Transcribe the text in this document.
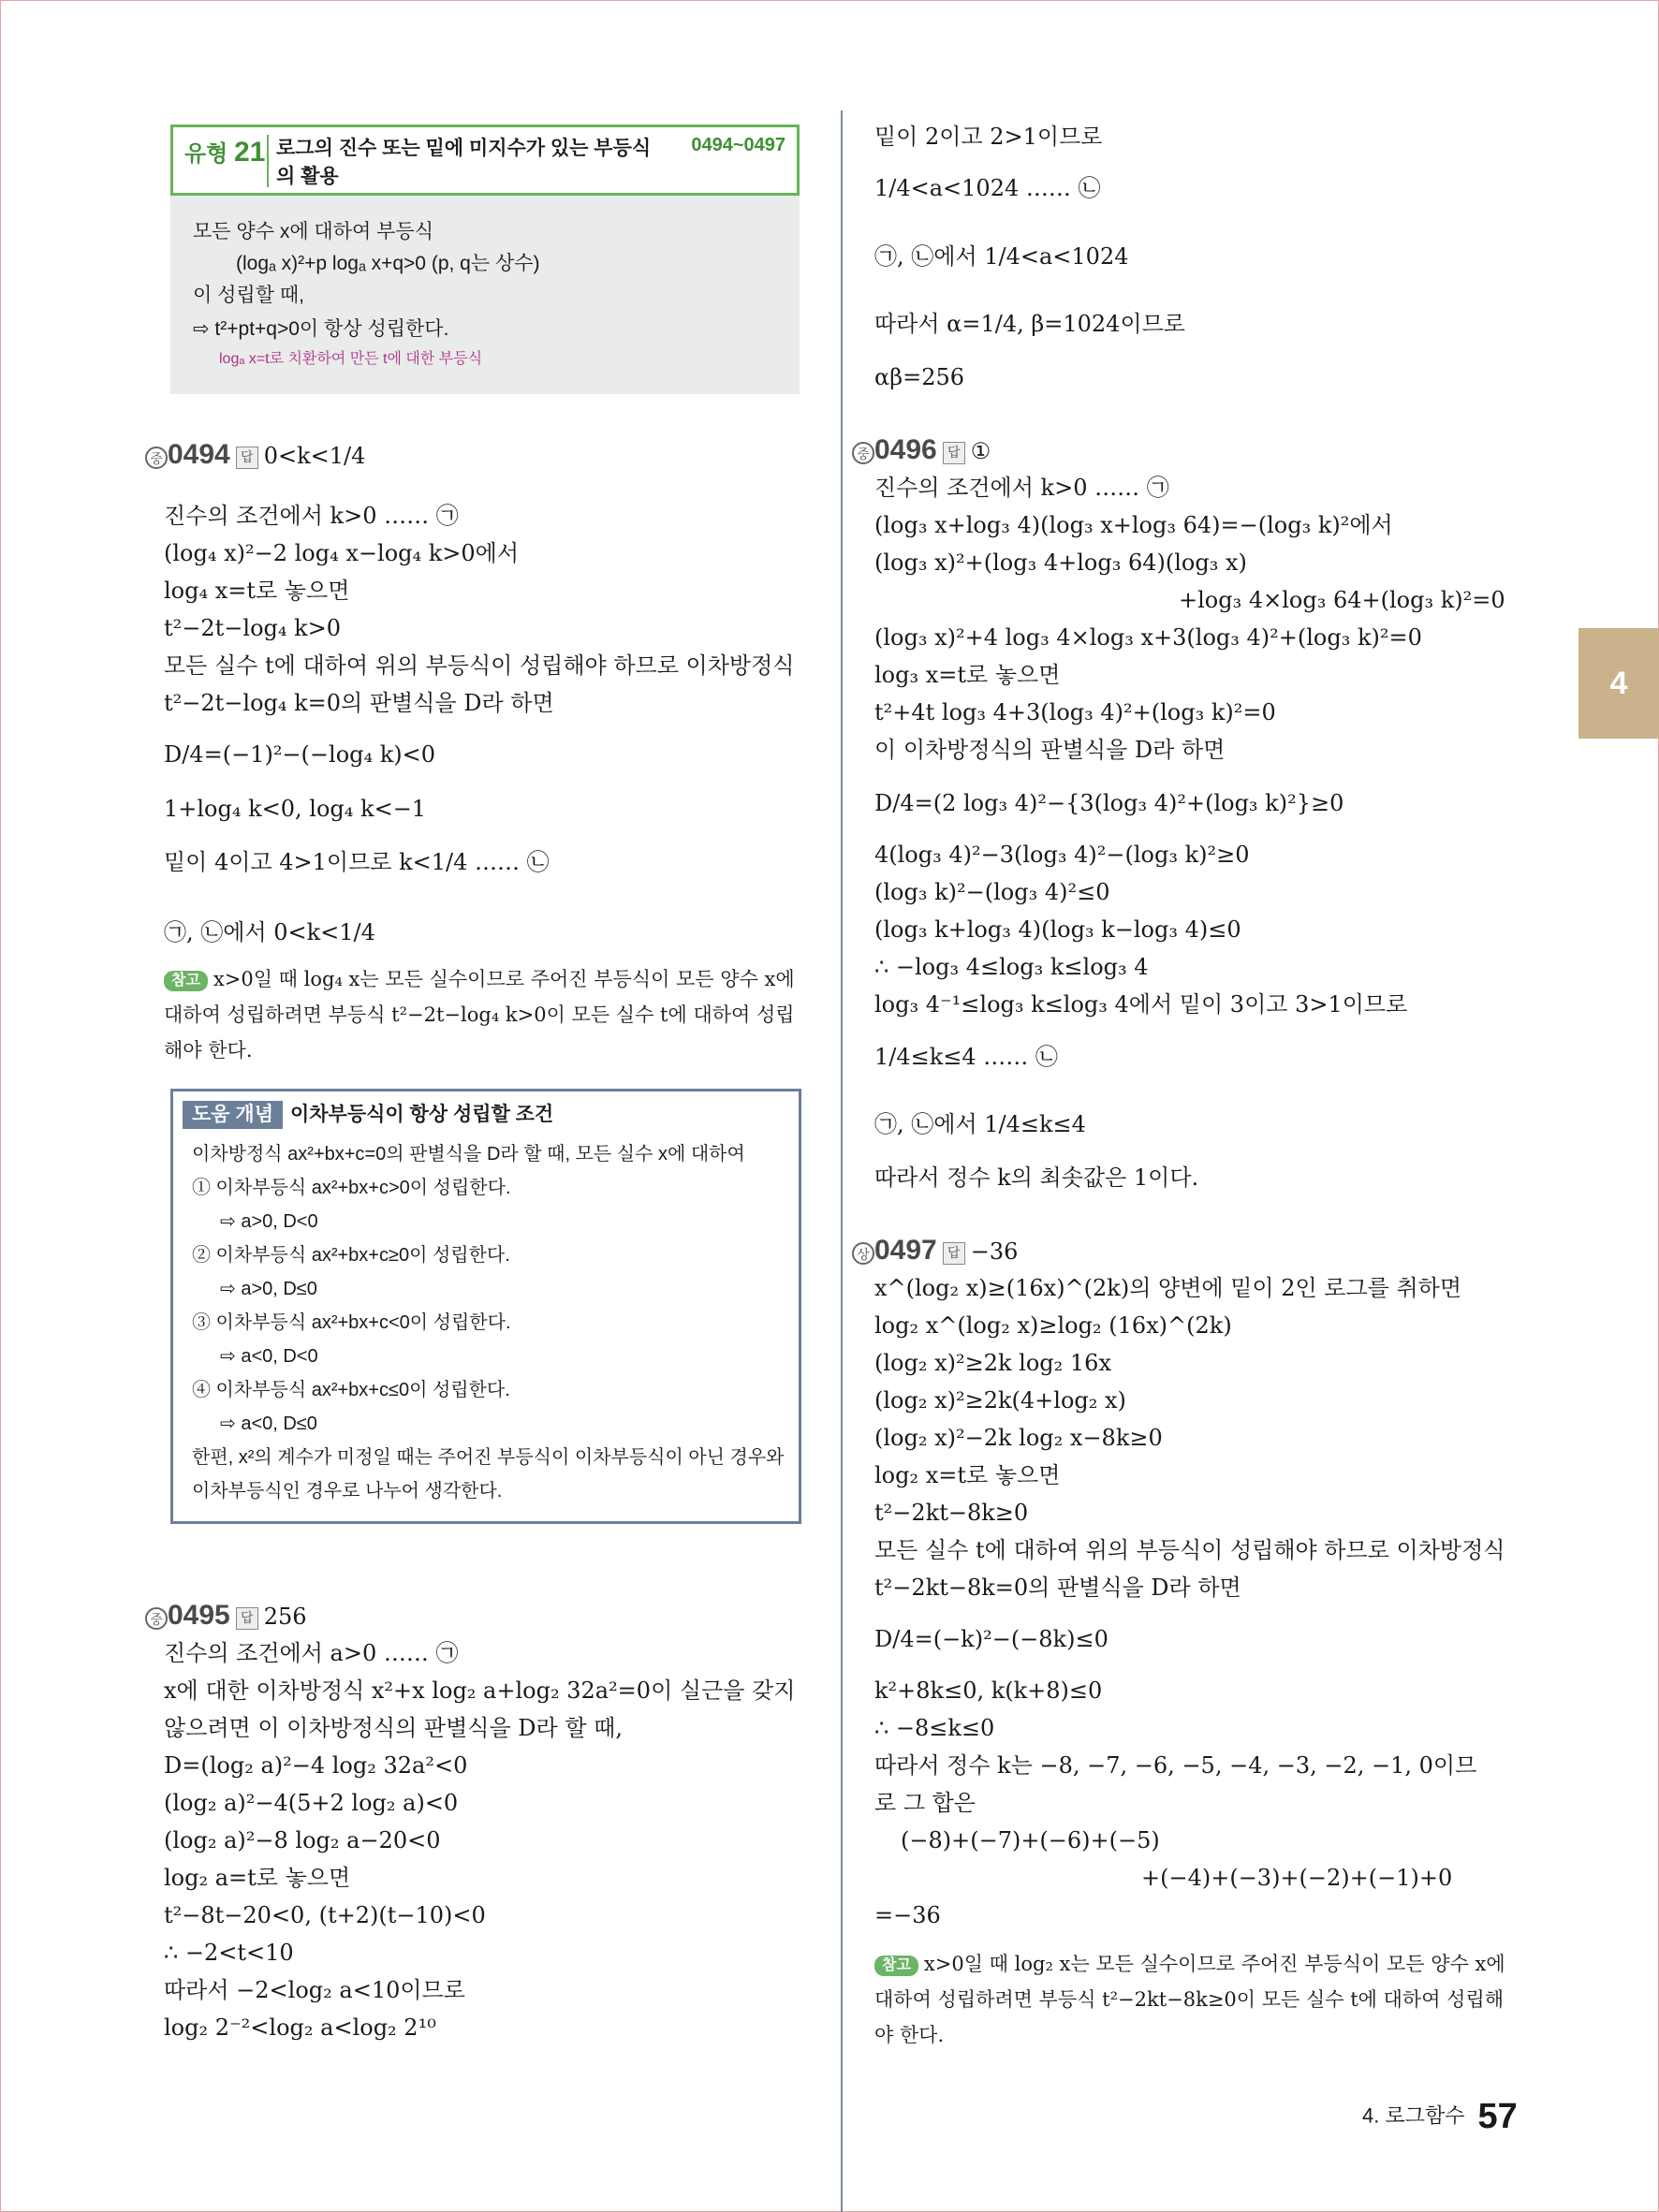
유형 21 로그의 진수 또는 밑에 미지수가 있는 부등식의 활용
0494~0497
모든 양수 x에 대하여 부등식
(logₐ x)²+p logₐ x+q>0 (p, q는 상수)
이 성립할 때,
⇨ t²+pt+q>0이 항상 성립한다.
logₐ x=t로 치환하여 만든 t에 대한 부등식
중 0494 답 0<k<1/4
진수의 조건에서 k>0 …… ㉠
(log₄ x)²−2 log₄ x−log₄ k>0에서
log₄ x=t로 놓으면
t²−2t−log₄ k>0
모든 실수 t에 대하여 위의 부등식이 성립해야 하므로 이차방정식
t²−2t−log₄ k=0의 판별식을 D라 하면
D/4=(−1)²−(−log₄ k)<0
1+log₄ k<0, log₄ k<−1
밑이 4이고 4>1이므로 k<1/4 …… ㉡
㉠, ㉡에서 0<k<1/4
참고 x>0일 때 log₄ x는 모든 실수이므로 주어진 부등식이 모든 양수 x에
대하여 성립하려면 부등식 t²−2t−log₄ k>0이 모든 실수 t에 대하여 성립
해야 한다.
중 0495 답 256
진수의 조건에서 a>0 …… ㉠
x에 대한 이차방정식 x²+x log₂ a+log₂ 32a²=0이 실근을 갖지
않으려면 이 이차방정식의 판별식을 D라 할 때,
D=(log₂ a)²−4 log₂ 32a²<0
(log₂ a)²−4(5+2 log₂ a)<0
(log₂ a)²−8 log₂ a−20<0
log₂ a=t로 놓으면
t²−8t−20<0, (t+2)(t−10)<0
∴ −2<t<10
따라서 −2<log₂ a<10이므로
log₂ 2⁻²<log₂ a<log₂ 2¹⁰
도움 개념 이차부등식이 항상 성립할 조건
이차방정식 ax²+bx+c=0의 판별식을 D라 할 때, 모든 실수 x에 대하여
① 이차부등식 ax²+bx+c>0이 성립한다.
⇨ a>0, D<0
② 이차부등식 ax²+bx+c≥0이 성립한다.
⇨ a>0, D≤0
③ 이차부등식 ax²+bx+c<0이 성립한다.
⇨ a<0, D<0
④ 이차부등식 ax²+bx+c≤0이 성립한다.
⇨ a<0, D≤0
한편, x²의 계수가 미정일 때는 주어진 부등식이 이차부등식이 아닌 경우와
이차부등식인 경우로 나누어 생각한다.
밑이 2이고 2>1이므로
1/4<a<1024 …… ㉡
㉠, ㉡에서 1/4<a<1024
따라서 α=1/4, β=1024이므로
αβ=256
중 0496 답 ①
진수의 조건에서 k>0 …… ㉠
(log₃ x+log₃ 4)(log₃ x+log₃ 64)=−(log₃ k)²에서
(log₃ x)²+(log₃ 4+log₃ 64)(log₃ x)
+log₃ 4×log₃ 64+(log₃ k)²=0
(log₃ x)²+4 log₃ 4×log₃ x+3(log₃ 4)²+(log₃ k)²=0
log₃ x=t로 놓으면
t²+4t log₃ 4+3(log₃ 4)²+(log₃ k)²=0
이 이차방정식의 판별식을 D라 하면
D/4=(2 log₃ 4)²−{3(log₃ 4)²+(log₃ k)²}≥0
4(log₃ 4)²−3(log₃ 4)²−(log₃ k)²≥0
(log₃ k)²−(log₃ 4)²≤0
(log₃ k+log₃ 4)(log₃ k−log₃ 4)≤0
∴ −log₃ 4≤log₃ k≤log₃ 4
log₃ 4⁻¹≤log₃ k≤log₃ 4에서 밑이 3이고 3>1이므로
1/4≤k≤4 …… ㉡
㉠, ㉡에서 1/4≤k≤4
따라서 정수 k의 최솟값은 1이다.
상 0497 답 −36
x^(log₂ x)≥(16x)^(2k)의 양변에 밑이 2인 로그를 취하면
log₂ x^(log₂ x)≥log₂ (16x)^(2k)
(log₂ x)²≥2k log₂ 16x
(log₂ x)²≥2k(4+log₂ x)
(log₂ x)²−2k log₂ x−8k≥0
log₂ x=t로 놓으면
t²−2kt−8k≥0
모든 실수 t에 대하여 위의 부등식이 성립해야 하므로 이차방정식
t²−2kt−8k=0의 판별식을 D라 하면
D/4=(−k)²−(−8k)≤0
k²+8k≤0, k(k+8)≤0
∴ −8≤k≤0
따라서 정수 k는 −8, −7, −6, −5, −4, −3, −2, −1, 0이므
로 그 합은
(−8)+(−7)+(−6)+(−5)
+(−4)+(−3)+(−2)+(−1)+0
=−36
참고 x>0일 때 log₂ x는 모든 실수이므로 주어진 부등식이 모든 양수 x에
대하여 성립하려면 부등식 t²−2kt−8k≥0이 모든 실수 t에 대하여 성립해
야 한다.
4
4. 로그함수 57
